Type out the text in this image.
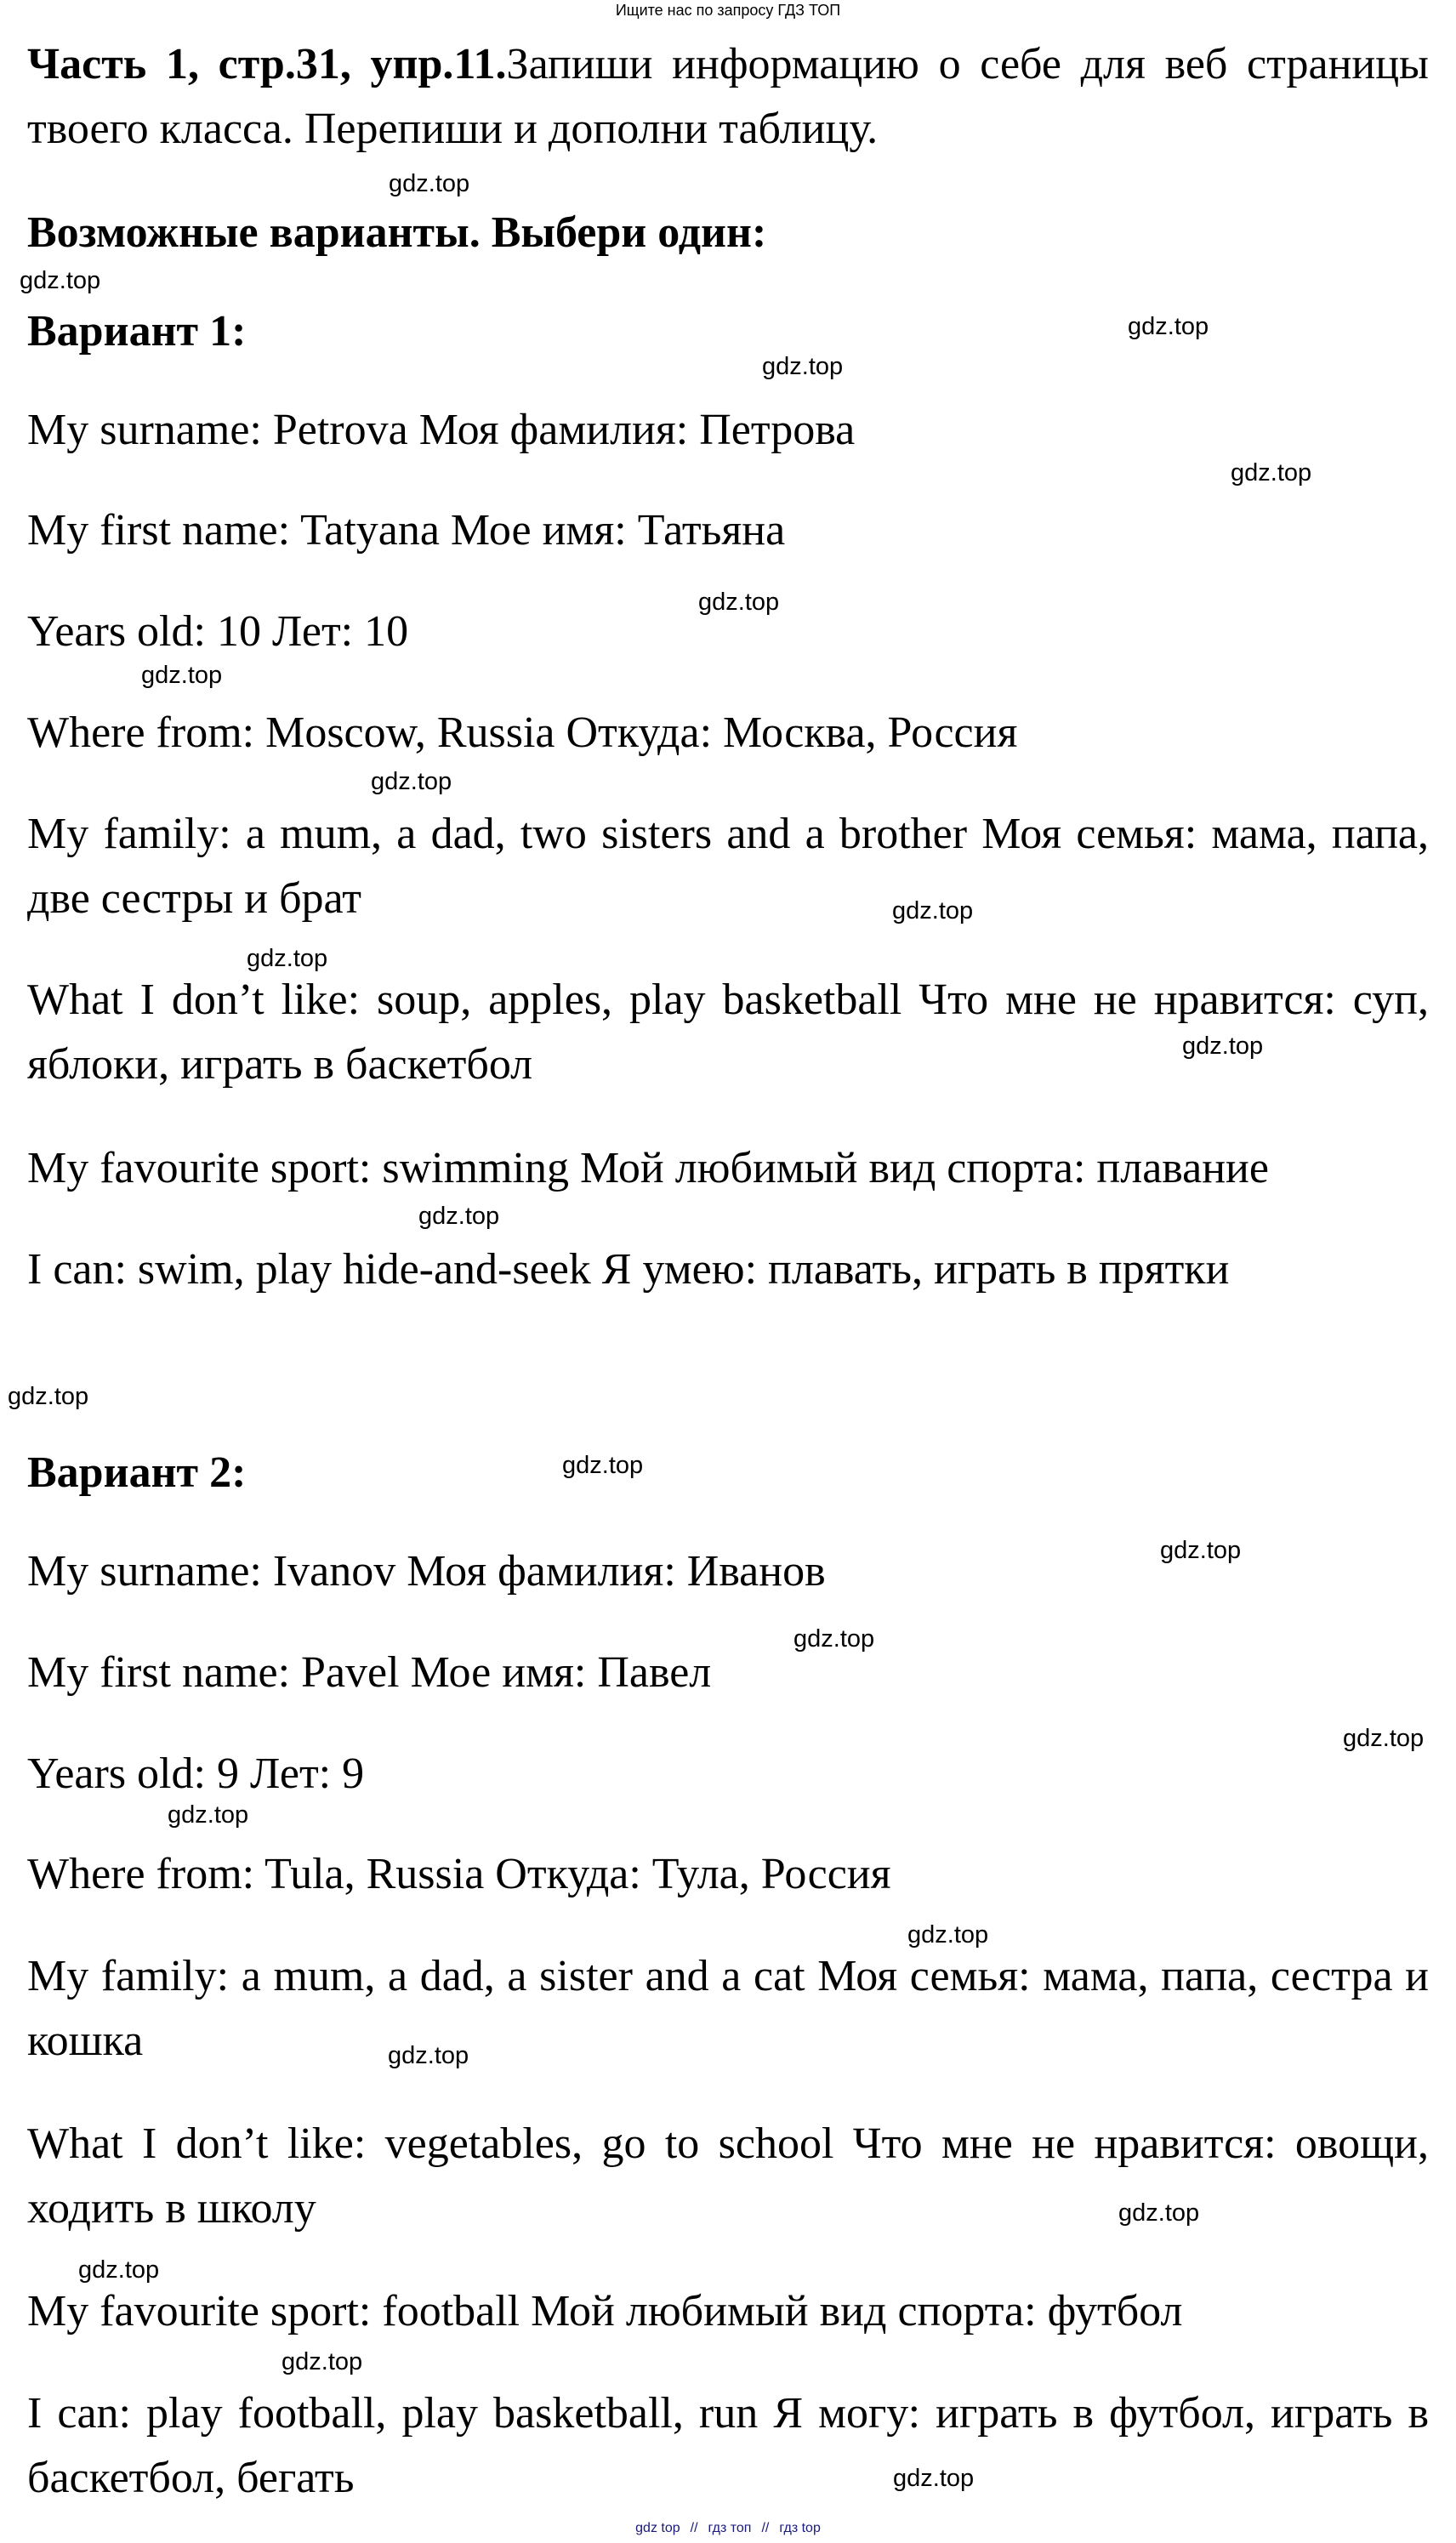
Ищите нас по запросу ГДЗ ТОП
Часть 1, стр.31, упр.11.Запиши информацию о себе для веб страницы твоего класса. Перепиши и дополни таблицу.
Возможные варианты. Выбери один:
Вариант 1:
My surname: Petrova Моя фамилия: Петрова
My first name: Tatyana Мое имя: Татьяна
Years old: 10 Лет: 10
Where from: Moscow, Russia Откуда: Москва, Россия
My family: a mum, a dad, two sisters and a brother Моя семья: мама, папа, две сестры и брат
What I don’t like: soup, apples, play basketball Что мне не нравится: суп, яблоки, играть в баскетбол
My favourite sport: swimming Мой любимый вид спорта: плавание
I can: swim, play hide-and-seek Я умею: плавать, играть в прятки
Вариант 2:
My surname: Ivanov Моя фамилия: Иванов
My first name: Pavel Мое имя: Павел
Years old: 9 Лет: 9
Where from: Tula, Russia Откуда: Тула, Россия
My family: a mum, a dad, a sister and a cat Моя семья: мама, папа, сестра и кошка
What I don’t like: vegetables, go to school Что мне не нравится: овощи, ходить в школу
My favourite sport: football Мой любимый вид спорта: футбол
I can: play football, play basketball, run Я могу: играть в футбол, играть в баскетбол, бегать
gdz.top
gdz.top
gdz.top
gdz.top
gdz.top
gdz.top
gdz.top
gdz.top
gdz.top
gdz.top
gdz.top
gdz.top
gdz.top
gdz.top
gdz.top
gdz.top
gdz.top
gdz.top
gdz.top
gdz.top
gdz.top
gdz.top
gdz.top
gdz.top
gdz top // гдз топ // гдз top
